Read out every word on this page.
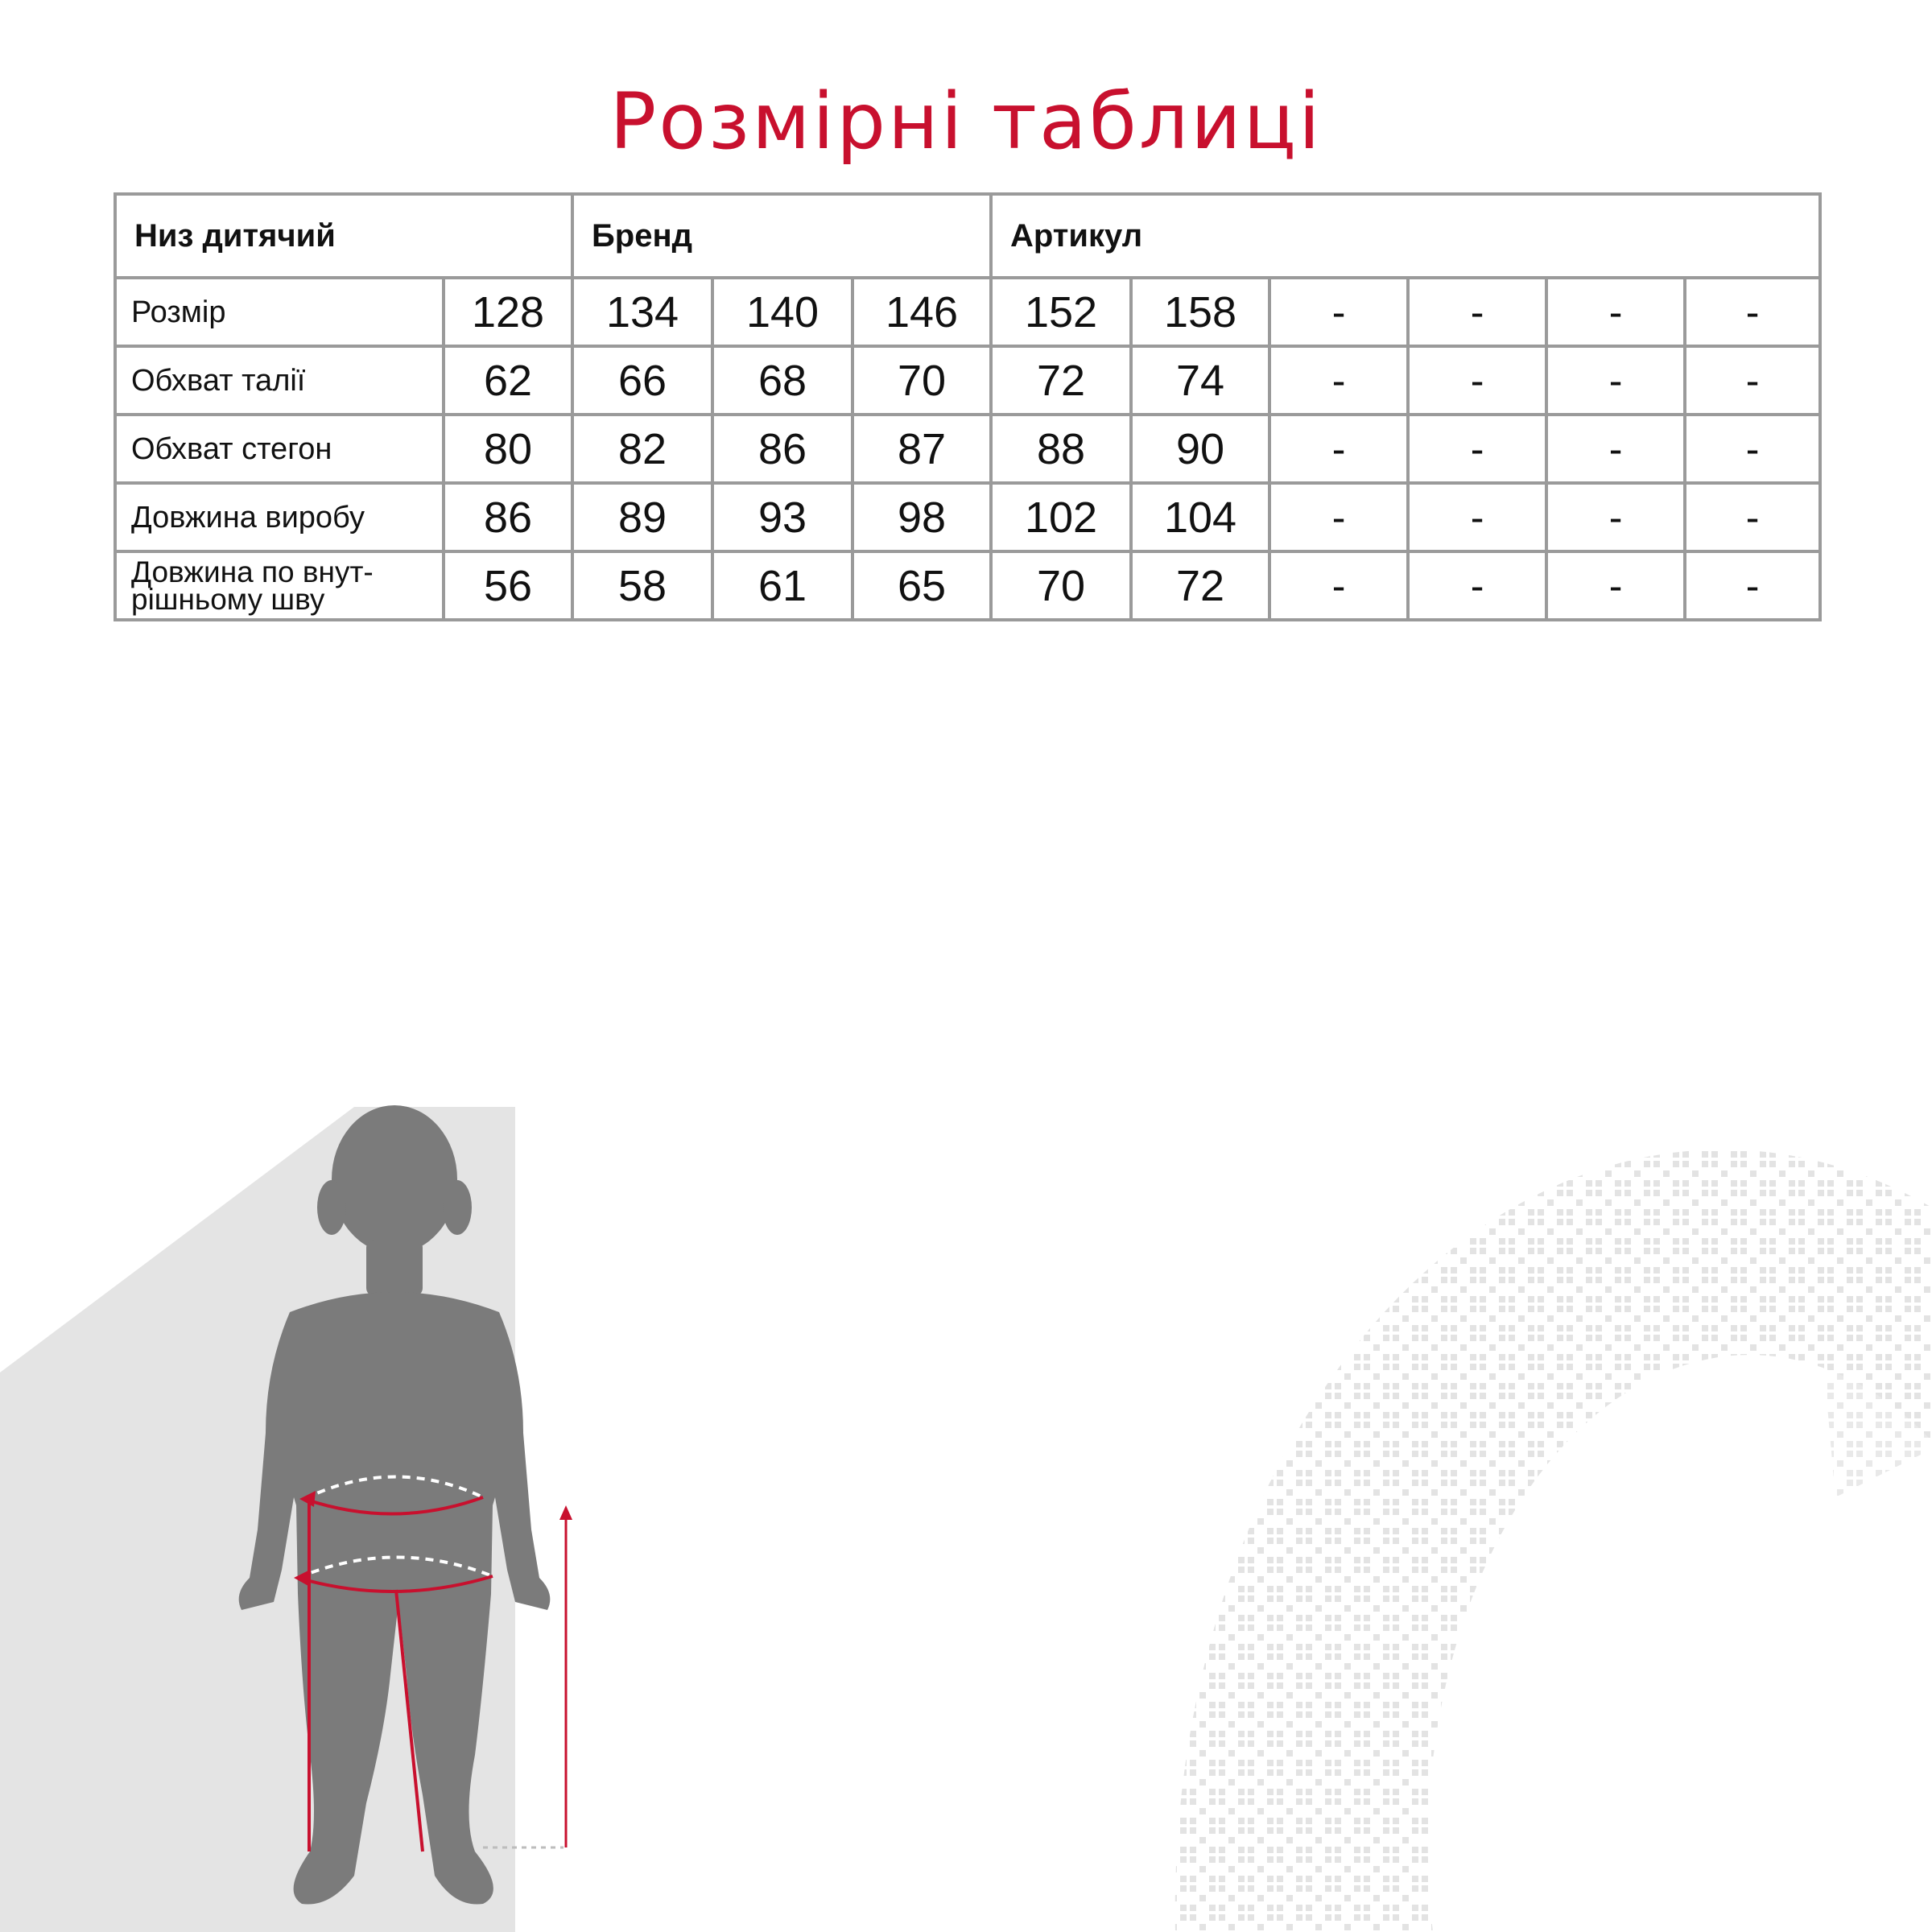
Розмірні таблиці
Низ дитячий		Бренд			Артикул					
Розмір	128	134	140	146	152	158	-	-	-	-
Обхват талії	62	66	68	70	72	74	-	-	-	-
Обхват стегон	80	82	86	87	88	90	-	-	-	-
Довжина виробу	86	89	93	98	102	104	-	-	-	-
Довжина по внут-
рішньому шву	56	58	61	65	70	72	-	-	-	-
